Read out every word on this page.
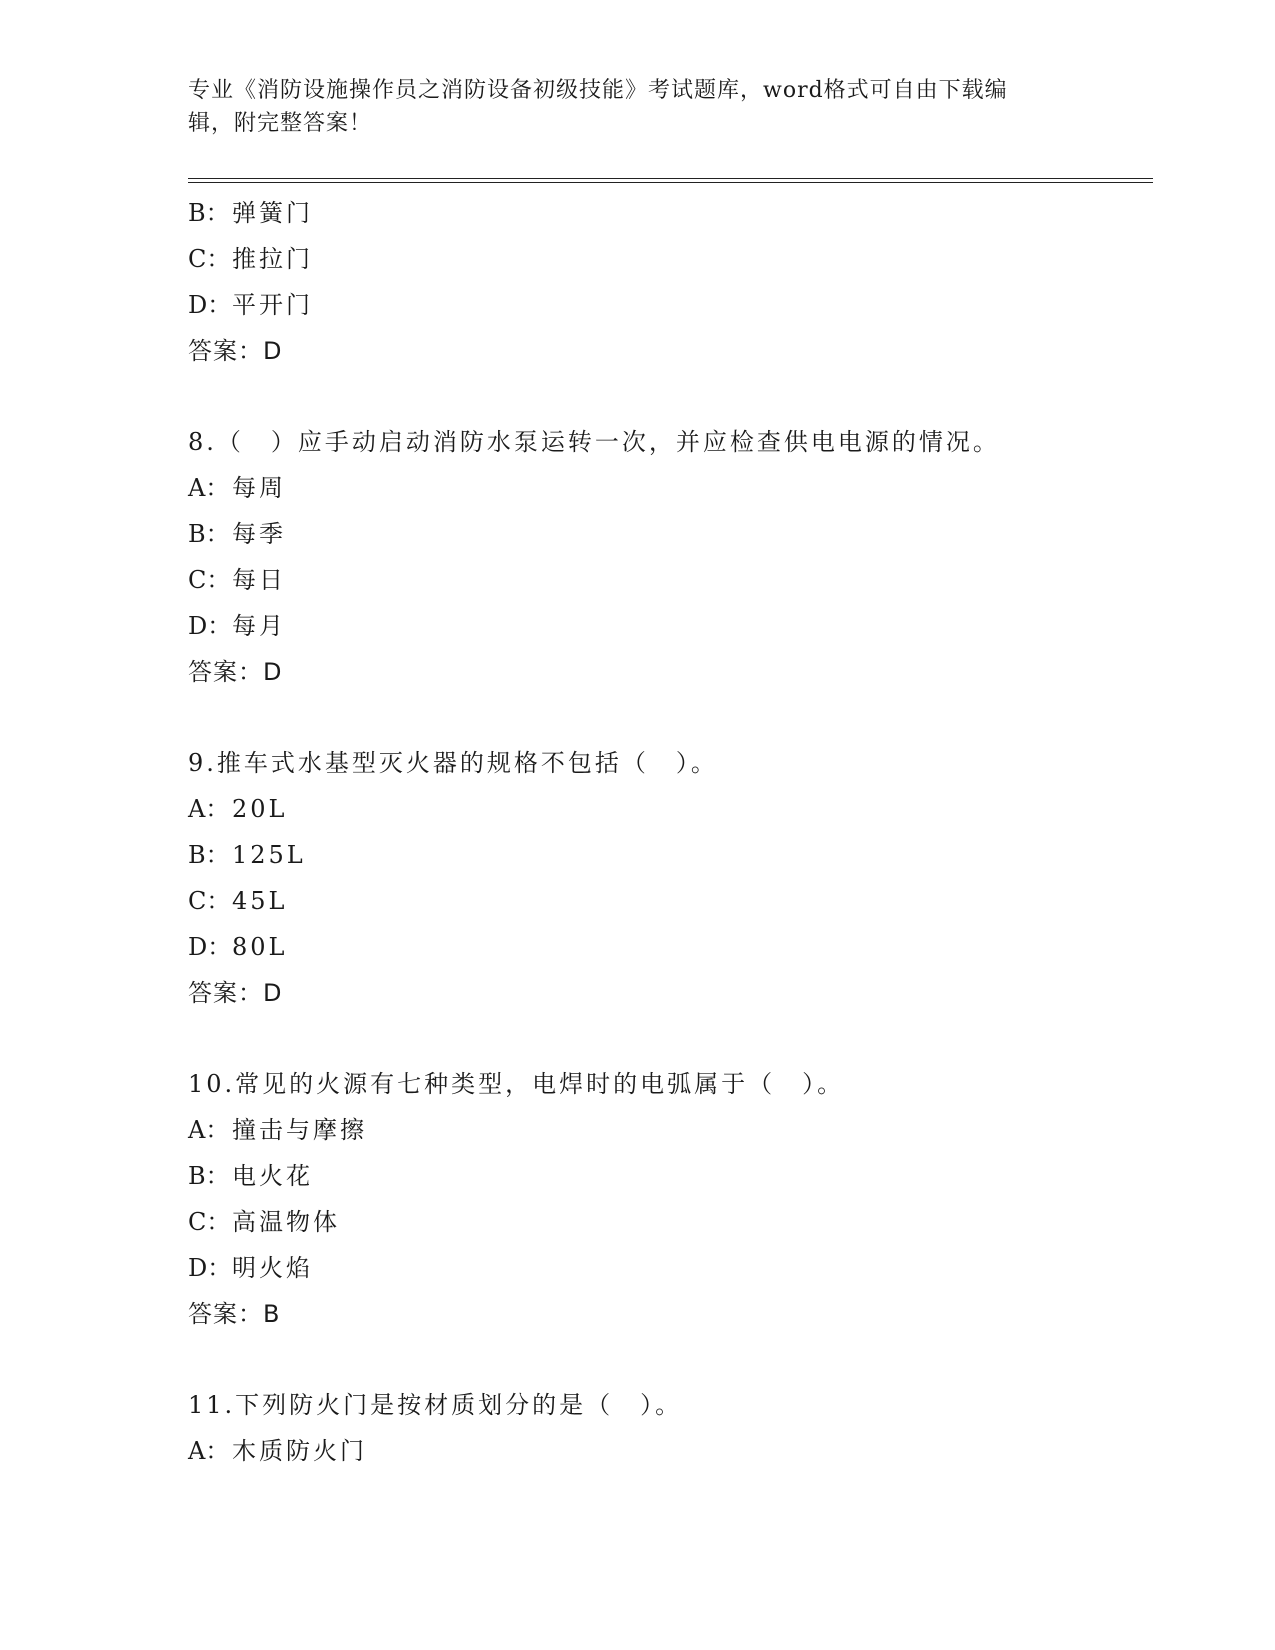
专业《消防设施操作员之消防设备初级技能》考试题库，word格式可自由下载编
辑，附完整答案！
B：弹簧门
C：推拉门
D：平开门
答案：D
8.（　）应手动启动消防水泵运转一次，并应检查供电电源的情况。
A： 每周
B：每季
C：每日
D：每月
答案：D
9.推车式水基型灭火器的规格不包括（　）。
A： 20L
B：125L
C：45L
D：80L
答案：D
10.常见的火源有七种类型，电焊时的电弧属于（　）。
A： 撞击与摩擦
B：电火花
C：高温物体
D：明火焰
答案：B
11.下列防火门是按材质划分的是（　）。
A： 木质防火门
